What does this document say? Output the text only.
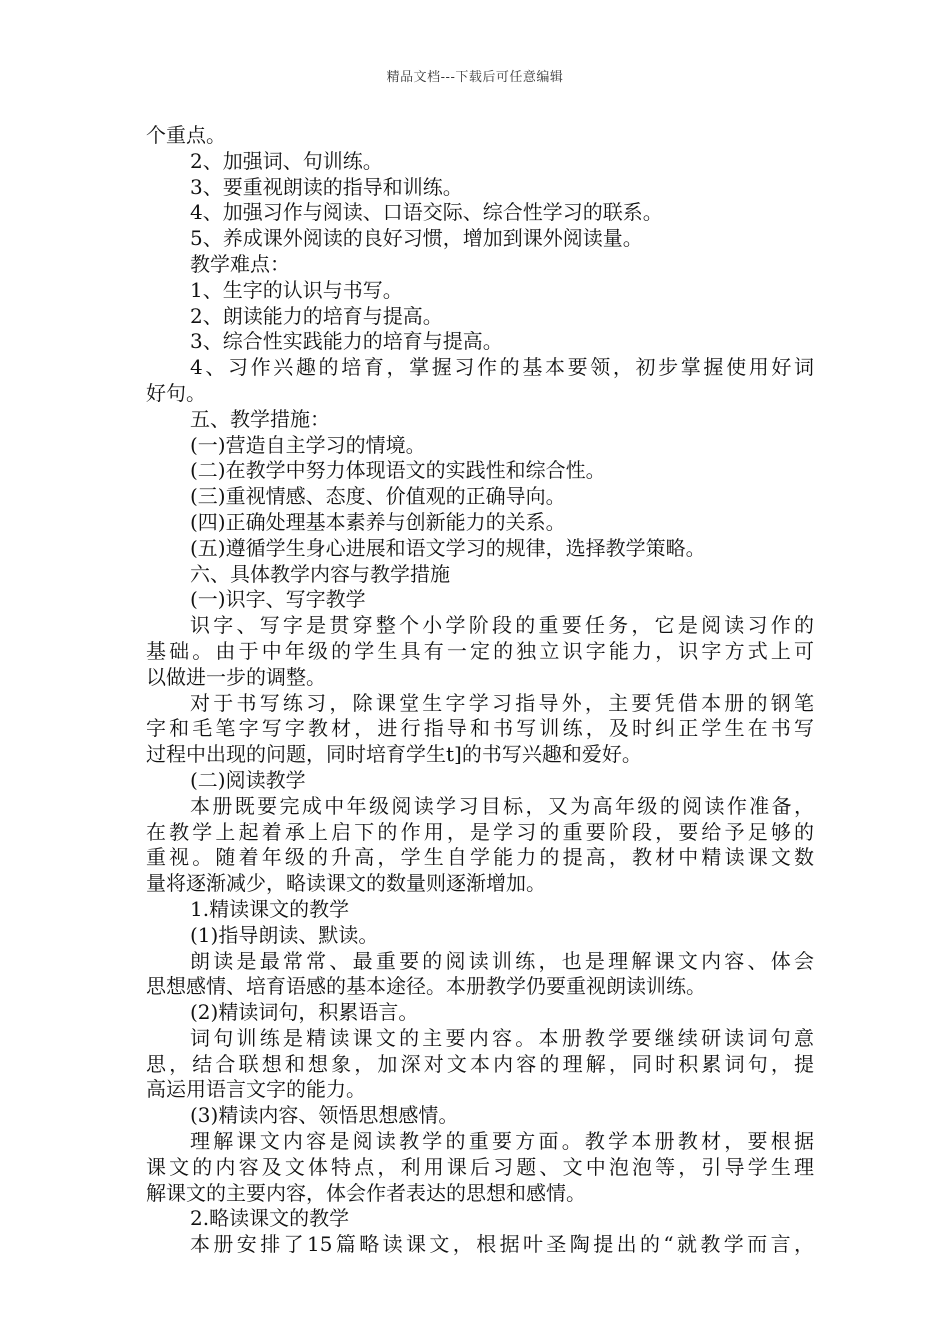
精品文档---下载后可任意编辑
个重点。
2、加强词、句训练。
3、要重视朗读的指导和训练。
4、加强习作与阅读、口语交际、综合性学习的联系。
5、养成课外阅读的良好习惯，增加到课外阅读量。
教学难点：
1、生字的认识与书写。
2、朗读能力的培育与提高。
3、综合性实践能力的培育与提高。
4、习作兴趣的培育，掌握习作的基本要领，初步掌握使用好词
好句。
五、教学措施：
(一)营造自主学习的情境。
(二)在教学中努力体现语文的实践性和综合性。
(三)重视情感、态度、价值观的正确导向。
(四)正确处理基本素养与创新能力的关系。
(五)遵循学生身心进展和语文学习的规律，选择教学策略。
六、具体教学内容与教学措施
(一)识字、写字教学
识字、写字是贯穿整个小学阶段的重要任务，它是阅读习作的
基础。由于中年级的学生具有一定的独立识字能力，识字方式上可
以做进一步的调整。
对于书写练习，除课堂生字学习指导外，主要凭借本册的钢笔
字和毛笔字写字教材，进行指导和书写训练，及时纠正学生在书写
过程中出现的问题，同时培育学生t]的书写兴趣和爱好。
(二)阅读教学
本册既要完成中年级阅读学习目标，又为高年级的阅读作准备，
在教学上起着承上启下的作用，是学习的重要阶段，要给予足够的
重视。随着年级的升高，学生自学能力的提高，教材中精读课文数
量将逐渐减少，略读课文的数量则逐渐增加。
1.精读课文的教学
(1)指导朗读、默读。
朗读是最常常、最重要的阅读训练，也是理解课文内容、体会
思想感情、培育语感的基本途径。本册教学仍要重视朗读训练。
(2)精读词句，积累语言。
词句训练是精读课文的主要内容。本册教学要继续研读词句意
思，结合联想和想象，加深对文本内容的理解，同时积累词句，提
高运用语言文字的能力。
(3)精读内容、领悟思想感情。
理解课文内容是阅读教学的重要方面。教学本册教材，要根据
课文的内容及文体特点，利用课后习题、文中泡泡等，引导学生理
解课文的主要内容，体会作者表达的思想和感情。
2.略读课文的教学
本册安排了15篇略读课文，根据叶圣陶提出的“就教学而言，
